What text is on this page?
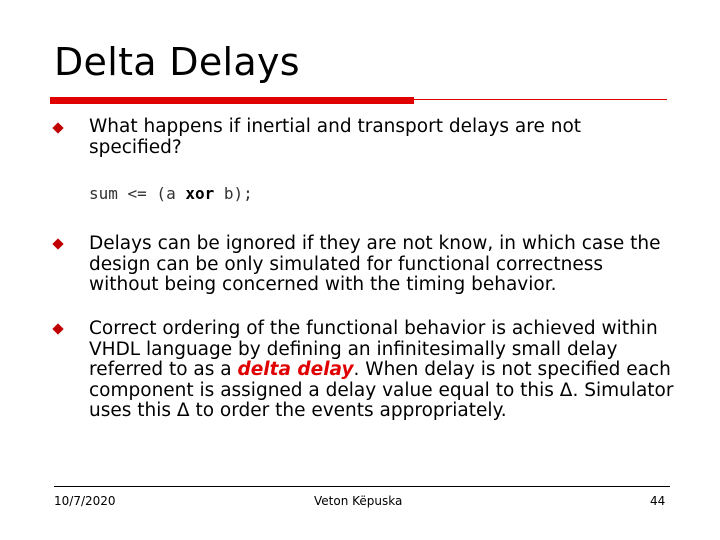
Delta Delays
What happens if inertial and transport delays are not specified?
sum <= (a xor b);
Delays can be ignored if they are not know, in which case the design can be only simulated for functional correctness without being concerned with the timing behavior.
Correct ordering of the functional behavior is achieved within VHDL language by defining an infinitesimally small delay referred to as a delta delay. When delay is not specified each component is assigned a delay value equal to this Δ. Simulator uses this Δ to order the events appropriately.
10/7/2020	Veton Këpuska	44
